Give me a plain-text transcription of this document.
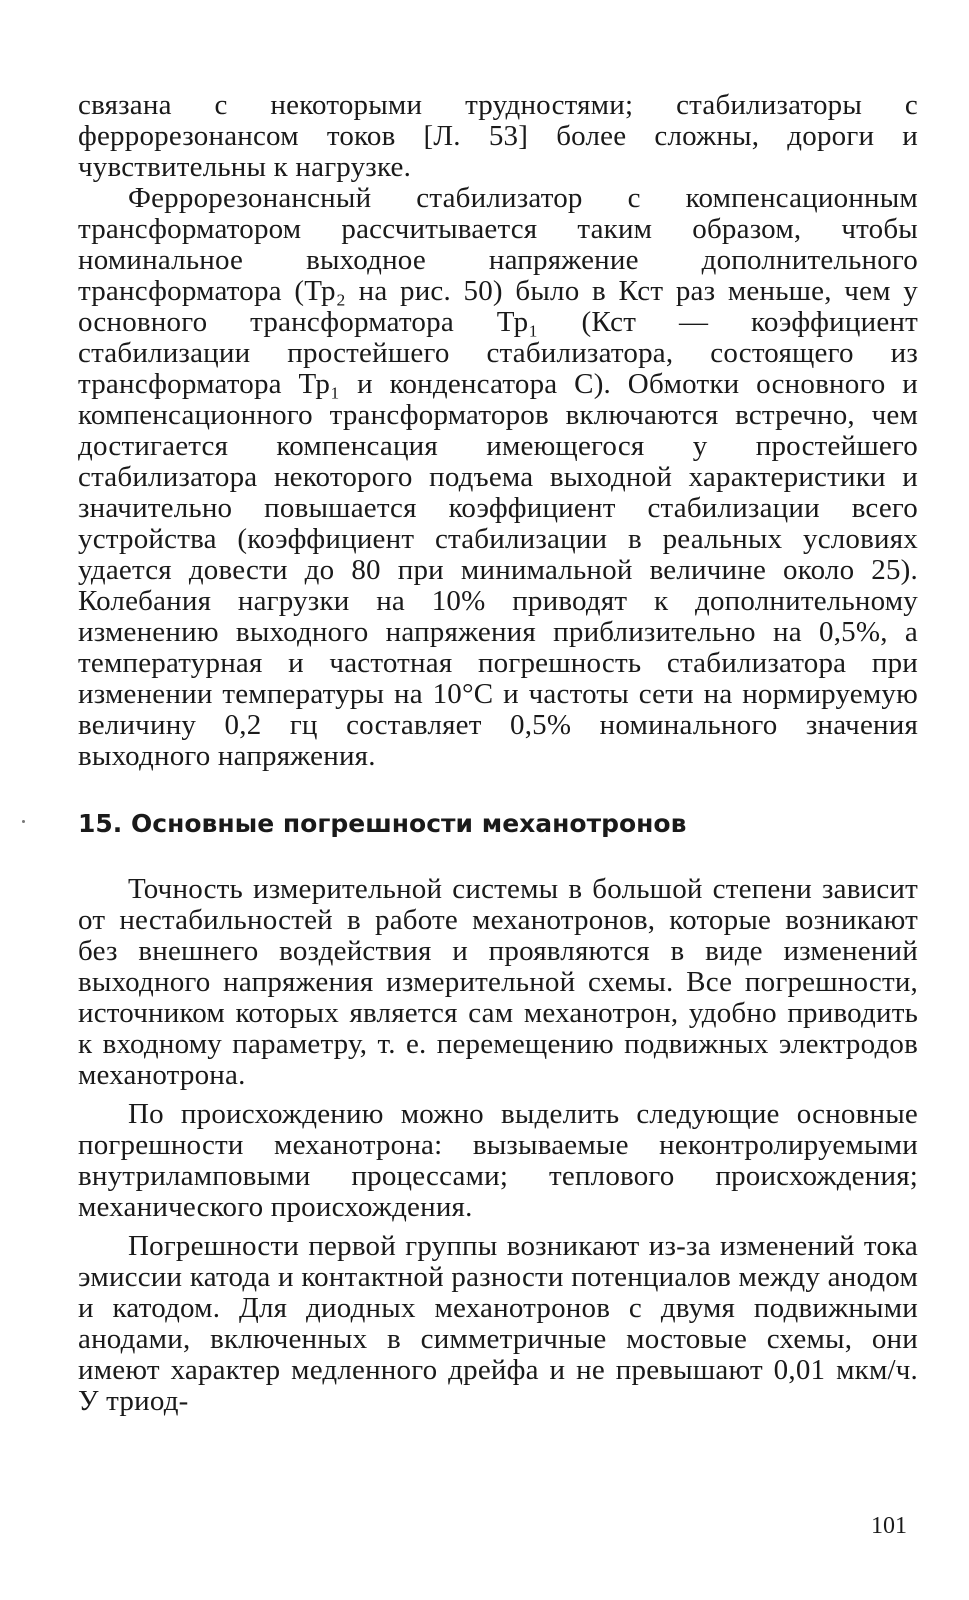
связана с некоторыми трудностями; стабилизаторы с феррорезонансом токов [Л. 53] более сложны, дороги и чувствительны к нагрузке.

Феррорезонансный стабилизатор с компенсационным трансформатором рассчитывается таким образом, чтобы номинальное выходное напряжение дополнительного трансформатора (Тр₂ на рис. 50) было в Кст раз меньше, чем у основного трансформатора Тр₁ (Кст — коэффициент стабилизации простейшего стабилизатора, состоящего из трансформатора Тр₁ и конденсатора С). Обмотки основного и компенсационного трансформаторов включаются встречно, чем достигается компенсация имеющегося у простейшего стабилизатора некоторого подъема выходной характеристики и значительно повышается коэффициент стабилизации всего устройства (коэффициент стабилизации в реальных условиях удается довести до 80 при минимальной величине около 25). Колебания нагрузки на 10% приводят к дополнительному изменению выходного напряжения приблизительно на 0,5%, а температурная и частотная погрешность стабилизатора при изменении температуры на 10°С и частоты сети на нормируемую величину 0,2 гц составляет 0,5% номинального значения выходного напряжения.

15. Основные погрешности механотронов

Точность измерительной системы в большой степени зависит от нестабильностей в работе механотронов, которые возникают без внешнего воздействия и проявляются в виде изменений выходного напряжения измерительной схемы. Все погрешности, источником которых является сам механотрон, удобно приводить к входному параметру, т. е. перемещению подвижных электродов механотрона.

По происхождению можно выделить следующие основные погрешности механотрона: вызываемые неконтролируемыми внутриламповыми процессами; теплового происхождения; механического происхождения.

Погрешности первой группы возникают из-за изменений тока эмиссии катода и контактной разности потенциалов между анодом и катодом. Для диодных механотронов с двумя подвижными анодами, включенных в симметричные мостовые схемы, они имеют характер медленного дрейфа и не превышают 0,01 мкм/ч. У триод-

101
